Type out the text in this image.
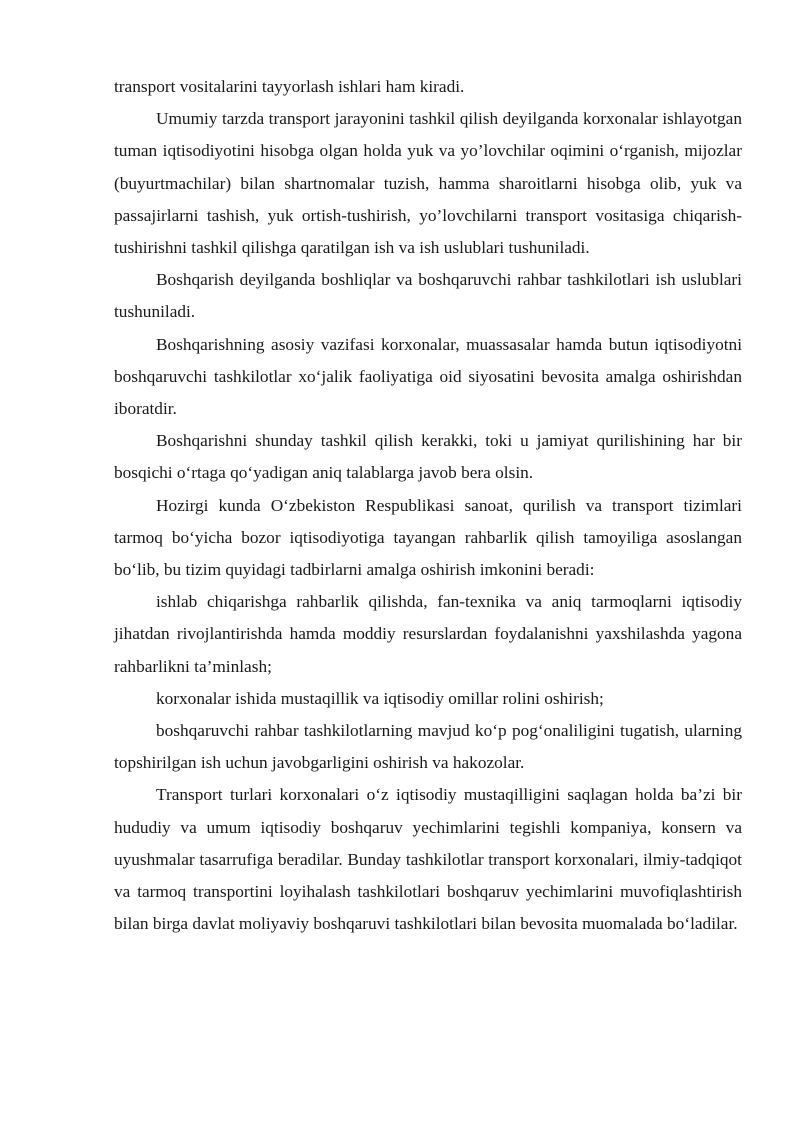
transport vositalarini tayyorlash ishlari ham kiradi.

Umumiy tarzda transport jarayonini tashkil qilish deyilganda korxonalar ishlayotgan tuman iqtisodiyotini hisobga olgan holda yuk va yo’lovchilar oqimini o‘rganish, mijozlar (buyurtmachilar) bilan shartnomalar tuzish, hamma sharoitlarni hisobga olib, yuk va passajirlarni tashish, yuk ortish-tushirish, yo’lovchilarni transport vositasiga chiqarish-tushirishni tashkil qilishga qaratilgan ish va ish uslublari tushuniladi.

Boshqarish deyilganda boshliqlar va boshqaruvchi rahbar tashkilotlari ish uslublari tushuniladi.

Boshqarishning asosiy vazifasi korxonalar, muassasalar hamda butun iqtisodiyotni boshqaruvchi tashkilotlar xo‘jalik faoliyatiga oid siyosatini bevosita amalga oshirishdan iboratdir.

Boshqarishni shunday tashkil qilish kerakki, toki u jamiyat qurilishining har bir bosqichi o‘rtaga qo‘yadigan aniq talablarga javob bera olsin.

Hozirgi kunda O‘zbekiston Respublikasi sanoat, qurilish va transport tizimlari tarmoq bo‘yicha bozor iqtisodiyotiga tayangan rahbarlik qilish tamoyiliga asoslangan bo‘lib, bu tizim quyidagi tadbirlarni amalga oshirish imkonini beradi:

ishlab chiqarishga rahbarlik qilishda, fan-texnika va aniq tarmoqlarni iqtisodiy jihatdan rivojlantirishda hamda moddiy resurslardan foydalanishni yaxshilashda yagona rahbarlikni ta’minlash;

korxonalar ishida mustaqillik va iqtisodiy omillar rolini oshirish;

boshqaruvchi rahbar tashkilotlarning mavjud ko‘p pog‘onaliligini tugatish, ularning topshirilgan ish uchun javobgarligini oshirish va hakozolar.

Transport turlari korxonalari o‘z iqtisodiy mustaqilligini saqlagan holda ba’zi bir hududiy va umum iqtisodiy boshqaruv yechimlarini tegishli kompaniya, konsern va uyushmalar tasarrufiga beradilar. Bunday tashkilotlar transport korxonalari, ilmiy-tadqiqot va tarmoq transportini loyihalash tashkilotlari boshqaruv yechimlarini muvofiqlashtirish bilan birga davlat moliyaviy boshqaruvi tashkilotlari bilan bevosita muomalada bo‘ladilar.
